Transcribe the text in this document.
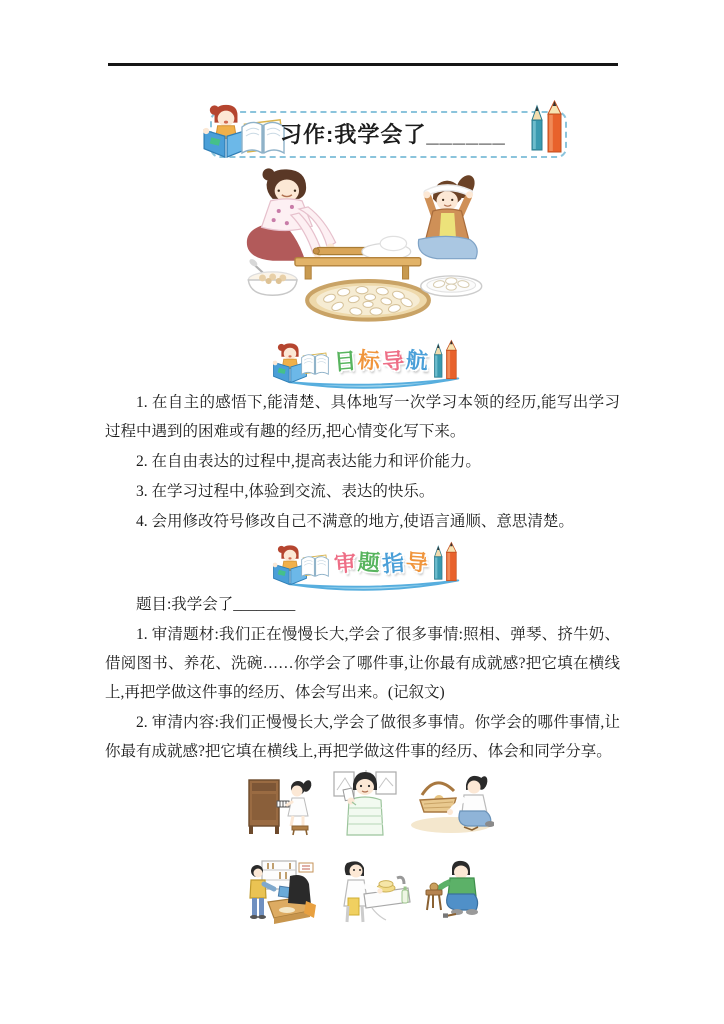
习作:我学会了______
目 标 导 航

1. 在自主的感悟下,能清楚、具体地写一次学习本领的经历,能写出学习过程中遇到的困难或有趣的经历,把心情变化写下来。

2. 在自由表达的过程中,提高表达能力和评价能力。

3. 在学习过程中,体验到交流、表达的快乐。

4. 会用修改符号修改自己不满意的地方,使语言通顺、意思清楚。

审 题 指 导

题目:我学会了________

1. 审清题材:我们正在慢慢长大,学会了很多事情:照相、弹琴、挤牛奶、借阅图书、养花、洗碗……你学会了哪件事,让你最有成就感?把它填在横线上,再把学做这件事的经历、体会写出来。(记叙文)

2. 审清内容:我们正慢慢长大,学会了做很多事情。你学会的哪件事情,让你最有成就感?把它填在横线上,再把学做这件事的经历、体会和同学分享。
